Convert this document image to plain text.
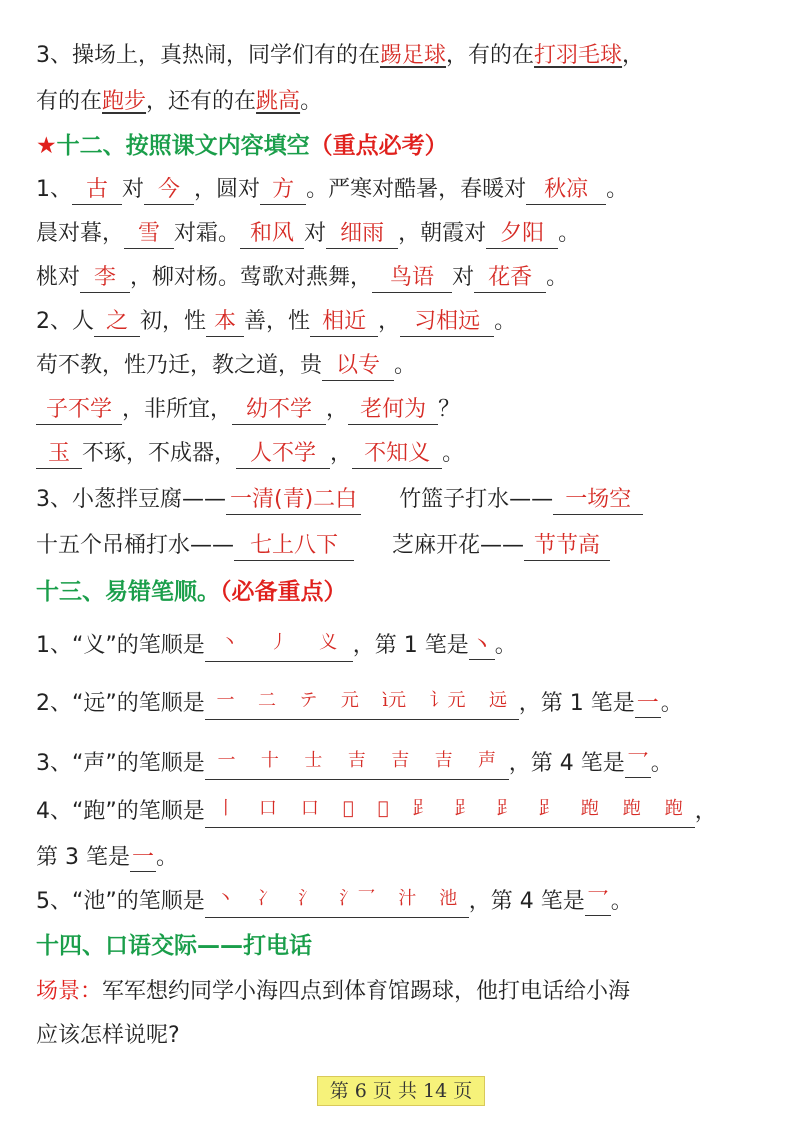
3、操场上，真热闹，同学们有的在踢足球，有的在打羽毛球，
有的在跑步，还有的在跳高。
★十二、按照课文内容填空（重点必考）
1、 古 对 今 ，圆对 方 。严寒对酷暑，春暖对 秋凉 。
晨对暮， 雪 对霜。 和风 对 细雨 ，朝霞对 夕阳 。
桃对 李 ，柳对杨。莺歌对燕舞， 鸟语 对 花香 。
2、人 之 初，性 本 善，性 相近 ， 习相远 。
苟不教，性乃迁，教之道，贵 以专 。
子不学 ，非所宜， 幼不学 ， 老何为 ？
玉 不琢，不成器， 人不学 ， 不知义 。
3、小葱拌豆腐—— 一清(青)二白 竹篮子打水—— 一场空
十五个吊桶打水—— 七上八下 芝麻开花—— 节节高
十三、易错笔顺。（必备重点）
1、“义”的笔顺是 丶 丿 义 ，第 1 笔是丶。
2、“远”的笔顺是 一 二 テ 元 ì元 讠元 远 ，第 1 笔是一。
3、“声”的笔顺是 一 十 士 吉 吉 吉 声 ，第 4 笔是乛。
4、“跑”的笔顺是 丨 口 口 𠯁 𠯁 𧾷 𧾷 𧾷 𧾷 跑 跑 跑 ，
第 3 笔是一。
5、“池”的笔顺是 丶 冫 氵 氵乛 汁 池 ，第 4 笔是乛。
十四、口语交际——打电话
场景：军军想约同学小海四点到体育馆踢球，他打电话给小海
应该怎样说呢?
第 6 页 共 14 页
